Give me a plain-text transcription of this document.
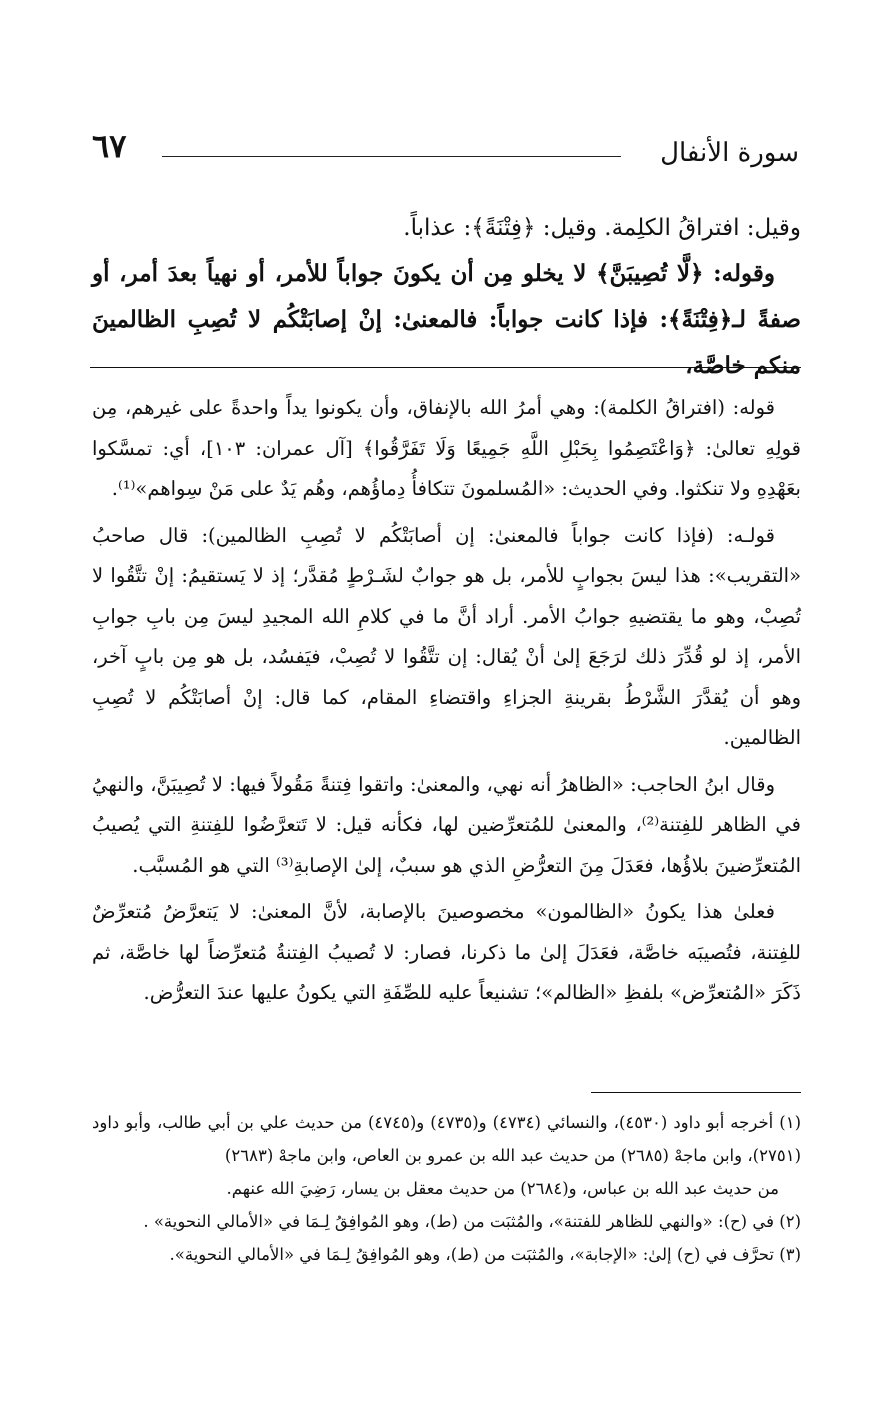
سورة الأنفال
٦٧

وقيل: افتراقُ الكلِمة. وقيل: ﴿فِتْنَةً﴾: عذاباً.

وقوله: ﴿لَّا تُصِيبَنَّ﴾ لا يخلو مِن أن يكونَ جواباً للأمر، أو نهياً بعدَ أمر، أو صفةً لـ﴿فِتْنَةً﴾: فإذا كانت جواباً: فالمعنىٰ: إنْ إصابَتْكُم لا تُصِبِ الظالمينَ منكم خاصَّة،

قوله: (افتراقُ الكلمة): وهي أمرُ الله بالإنفاق، وأن يكونوا يداً واحدةً على غيرهم، مِن قولِهِ تعالىٰ: ﴿وَاعْتَصِمُوا بِحَبْلِ اللَّهِ جَمِيعًا وَلَا تَفَرَّقُوا﴾ [آل عمران: ١٠٣]، أي: تمسَّكوا بعَهْدِهِ ولا تنكثوا. وفي الحديث: «المُسلمونَ تتكافأُ دِماؤُهم، وهُم يَدٌ على مَنْ سِواهم»⁽¹⁾.

قولـه: (فإذا كانت جواباً فالمعنىٰ: إن أصابَتْكُم لا تُصِبِ الظالمين): قال صاحبُ «التقريب»: هذا ليسَ بجوابٍ للأمر، بل هو جوابٌ لشَـرْطٍ مُقدَّر؛ إذ لا يَستقيمُ: إنْ تتَّقُوا لا تُصِبْ، وهو ما يقتضيهِ جوابُ الأمر. أراد أنَّ ما في كلامِ الله المجيدِ ليسَ مِن بابِ جوابِ الأمر، إذ لو قُدِّرَ ذلك لرَجَعَ إلىٰ أنْ يُقال: إن تتَّقُوا لا تُصِبْ، فيَفسُد، بل هو مِن بابٍ آخر، وهو أن يُقدَّرَ الشَّرْطُ بقرينةِ الجزاءِ واقتضاءِ المقام، كما قال: إنْ أصابَتْكُم لا تُصِبِ الظالمين.

وقال ابنُ الحاجب: «الظاهرُ أنه نهي، والمعنىٰ: واتقوا فِتنةً مَقُولاً فيها: لا تُصِيبَنَّ، والنهيُ في الظاهر للفِتنة⁽²⁾، والمعنىٰ للمُتعرِّضين لها، فكأنه قيل: لا تَتعرَّضُوا للفِتنةِ التي يُصيبُ المُتعرِّضينَ بلاؤُها، فعَدَلَ مِنَ التعرُّضِ الذي هو سببٌ، إلىٰ الإصابةِ⁽³⁾ التي هو المُسبَّب.

فعلىٰ هذا يكونُ «الظالمون» مخصوصينَ بالإصابة، لأنَّ المعنىٰ: لا يَتعرَّضُ مُتعرِّضٌ للفِتنة، فتُصيبَه خاصَّة، فعَدَلَ إلىٰ ما ذكرنا، فصار: لا تُصيبُ الفِتنةُ مُتعرِّضاً لها خاصَّة، ثم ذَكَرَ «المُتعرِّض» بلفظِ «الظالم»؛ تشنيعاً عليه للصِّفَةِ التي يكونُ عليها عندَ التعرُّض.

(١) أخرجه أبو داود (٤٥٣٠)، والنسائي (٤٧٣٤) و(٤٧٣٥) و(٤٧٤٥) من حديث علي بن أبي طالب، وأبو داود (٢٧٥١)، وابن ماجهْ (٢٦٨٥) من حديث عبد الله بن عمرو بن العاص، وابن ماجهْ (٢٦٨٣)

من حديث عبد الله بن عباس، و(٢٦٨٤) من حديث معقل بن يسار، رَضِيَ الله عنهم.

(٢) في (ح): «والنهي للظاهر للفتنة»، والمُثبَت من (ط)، وهو المُوافِقُ لِـمَا في «الأمالي النحوية» .

(٣) تحرَّف في (ح) إلىٰ: «الإجابة»، والمُثبَت من (ط)، وهو المُوافِقُ لِـمَا في «الأمالي النحوية».
